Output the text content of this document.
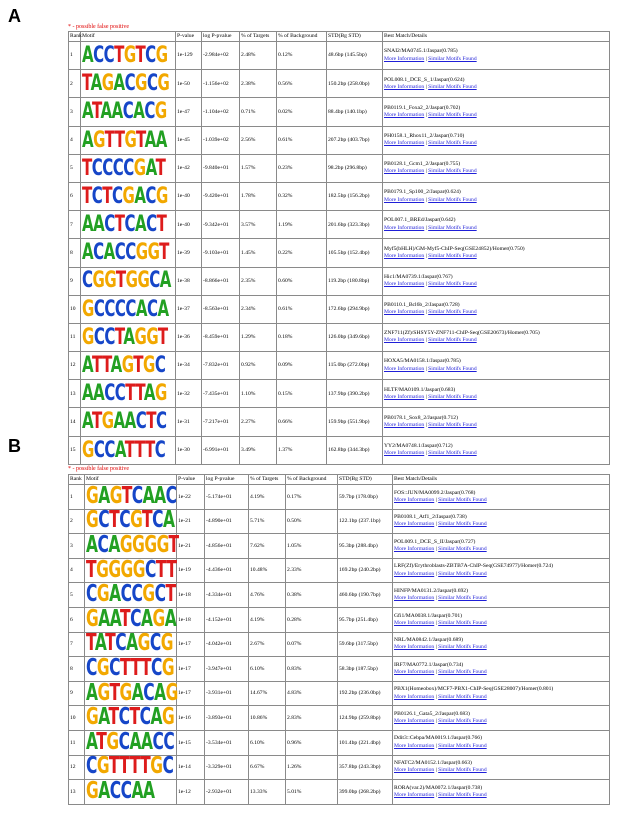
A
* - possible false positive
Rank	Motif	P-value	log P-pvalue	% of Targets	% of Background	STD(Bg STD)	Best Match/Details
1	ACCTGTCG	1e-129	-2.984e+02	2.48%	0.12%	48.6bp (145.5bp)	SNAI2/MA0745.1/Jaspar(0.785)
More Information | Similar Motifs Found

2	TAGACGCG	1e-50	-1.156e+02	2.38%	0.56%	150.2bp (258.0bp)	POL008.1_DCE_S_1/Jaspar(0.624)
More Information | Similar Motifs Found

3	ATAACACG	1e-47	-1.104e+02	0.71%	0.02%	88.4bp (140.1bp)	PB0119.1_Foxa2_2/Jaspar(0.702)
More Information | Similar Motifs Found

4	AGTTGTAA	1e-45	-1.039e+02	2.56%	0.61%	207.2bp (403.7bp)	PH0158.1_Rhox11_2/Jaspar(0.710)
More Information | Similar Motifs Found

5	TCCCCGAT	1e-42	-9.840e+01	1.57%	0.23%	98.2bp (296.8bp)	PB0128.1_Gcm1_2/Jaspar(0.755)
More Information | Similar Motifs Found

6	TCTCGACG	1e-40	-9.420e+01	1.78%	0.32%	182.5bp (156.2bp)	PB0179.1_Sp100_2/Jaspar(0.624)
More Information | Similar Motifs Found

7	AACTCACT	1e-40	-9.342e+01	3.57%	1.19%	201.6bp (323.3bp)	POL007.1_BREd/Jaspar(0.642)
More Information | Similar Motifs Found

8	ACACCGGT	1e-39	-9.103e+01	1.45%	0.22%	105.5bp (152.4bp)	Myf5(bHLH)/GM-Myf5-ChIP-Seq(GSE24852)/Homer(0.750)
More Information | Similar Motifs Found

9	CGGTGGCA	1e-38	-8.866e+01	2.35%	0.60%	119.2bp (180.8bp)	Hic1/MA0739.1/Jaspar(0.767)
More Information | Similar Motifs Found

10	GCCCCACA	1e-37	-8.563e+01	2.34%	0.61%	172.6bp (294.9bp)	PB0110.1_Bcl6b_2/Jaspar(0.728)
More Information | Similar Motifs Found

11	GCCTAGGT	1e-36	-8.459e+01	1.29%	0.18%	126.0bp (349.6bp)	ZNF711(Zf)/SHSY5Y-ZNF711-ChIP-Seq(GSE20673)/Homer(0.705)
More Information | Similar Motifs Found

12	ATTAGTGC	1e-34	-7.832e+01	0.92%	0.09%	115.0bp (272.0bp)	HOXA5/MA0158.1/Jaspar(0.785)
More Information | Similar Motifs Found

13	AACCTTAG	1e-32	-7.435e+01	1.10%	0.15%	137.9bp (390.2bp)	HLTF/MA0109.1/Jaspar(0.683)
More Information | Similar Motifs Found

14	ATGAACTC	1e-31	-7.217e+01	2.27%	0.66%	159.9bp (551.9bp)	PB0178.1_Sox8_2/Jaspar(0.712)
More Information | Similar Motifs Found

15	GCCATTTC	1e-30	-6.991e+01	3.49%	1.37%	162.8bp (344.3bp)	YY2/MA0748.1/Jaspar(0.712)
More Information | Similar Motifs Found
B
* - possible false positive
Rank	Motif	P-value	log P-pvalue	% of Targets	% of Background	STD(Bg STD)	Best Match/Details
1	GAGTCAAC	1e-22	-5.174e+01	4.19%	0.17%	59.7bp (178.0bp)	FOS::JUN/MA0099.2/Jaspar(0.768)
More Information | Similar Motifs Found

2	GCTCGTCA	1e-21	-4.890e+01	5.71%	0.50%	122.1bp (237.1bp)	PB0108.1_Atf1_2/Jaspar(0.738)
More Information | Similar Motifs Found

3	ACAGGGGT	1e-21	-4.856e+01	7.62%	1.05%	95.3bp (288.4bp)	POL009.1_DCE_S_II/Jaspar(0.727)
More Information | Similar Motifs Found

4	TGGGGCTT	1e-19	-4.436e+01	10.48%	2.33%	169.2bp (240.2bp)	LRF(Zf)/Erythroblasts-ZBTB7A-ChIP-Seq(GSE74977)/Homer(0.724)
More Information | Similar Motifs Found

5	CGACCGCT	1e-18	-4.334e+01	4.76%	0.38%	460.6bp (190.7bp)	HINFP/MA0131.2/Jaspar(0.692)
More Information | Similar Motifs Found

6	GAATCAGA	1e-18	-4.152e+01	4.19%	0.28%	95.7bp (251.4bp)	Gfi1/MA0038.1/Jaspar(0.701)
More Information | Similar Motifs Found

7	TATCAGCG	1e-17	-4.042e+01	2.67%	0.07%	59.6bp (317.5bp)	NRL/MA0842.1/Jaspar(0.689)
More Information | Similar Motifs Found

8	CGCTTTCG	1e-17	-3.947e+01	6.10%	0.83%	58.3bp (187.5bp)	IRF7/MA0772.1/Jaspar(0.734)
More Information | Similar Motifs Found

9	AGTGACAG	1e-17	-3.931e+01	14.67%	4.83%	192.2bp (236.0bp)	PBX1(Homeobox)/MCF7-PBX1-ChIP-Seq(GSE28007)/Homer(0.801)
More Information | Similar Motifs Found

10	GATCTCAG	1e-16	-3.893e+01	10.86%	2.83%	124.9bp (259.8bp)	PB0126.1_Gata5_2/Jaspar(0.683)
More Information | Similar Motifs Found

11	ATGCAACC	1e-15	-3.534e+01	6.10%	0.96%	101.4bp (221.4bp)	Ddit3::Cebpa/MA0019.1/Jaspar(0.766)
More Information | Similar Motifs Found

12	CGTTTTGC	1e-14	-3.329e+01	6.67%	1.26%	357.8bp (243.3bp)	NFATC2/MA0152.1/Jaspar(0.663)
More Information | Similar Motifs Found

13	GACCAA	1e-12	-2.932e+01	13.33%	5.01%	399.0bp (268.2bp)	RORA(var.2)/MA0072.1/Jaspar(0.738)
More Information | Similar Motifs Found
